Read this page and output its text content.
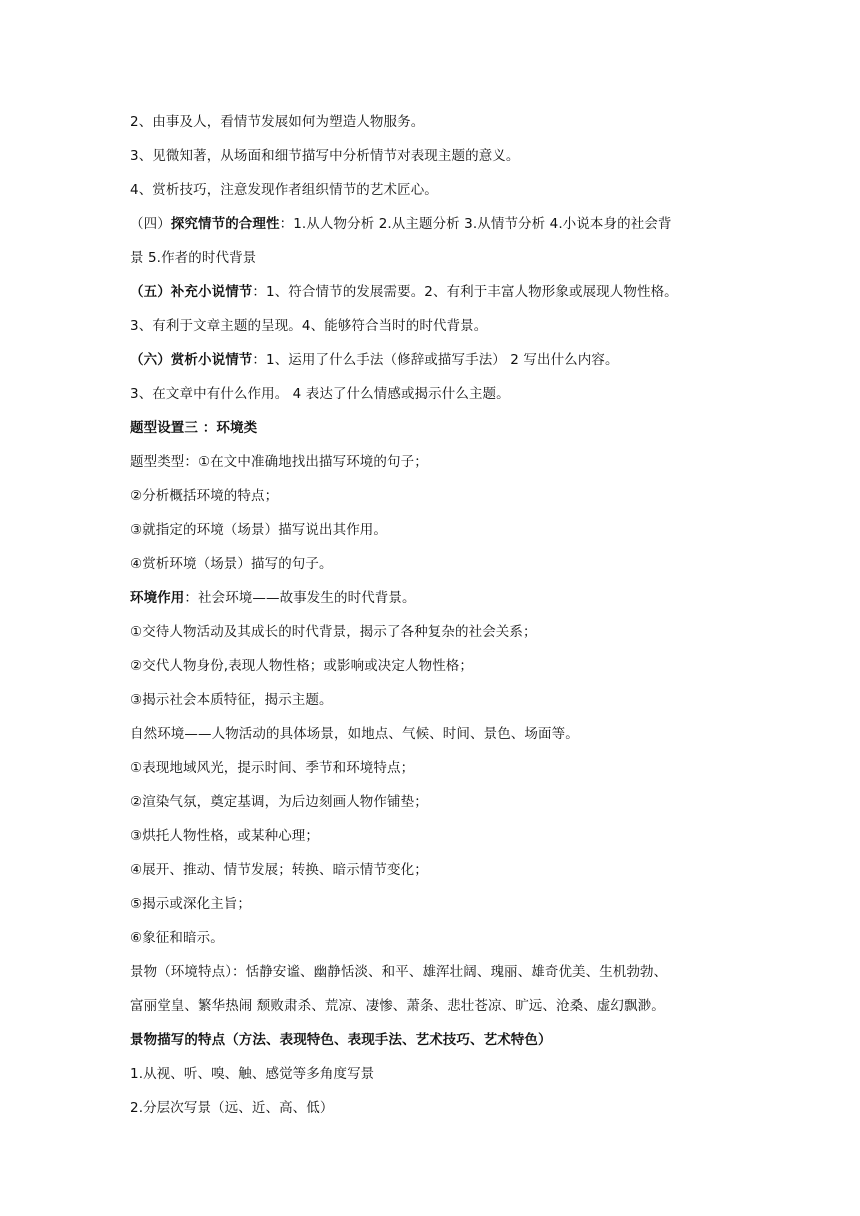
2、由事及人，看情节发展如何为塑造人物服务。
3、见微知著，从场面和细节描写中分析情节对表现主题的意义。
4、赏析技巧，注意发现作者组织情节的艺术匠心。
（四）探究情节的合理性：1.从人物分析 2.从主题分析 3.从情节分析 4.小说本身的社会背
景 5.作者的时代背景
（五）补充小说情节：1、符合情节的发展需要。2、有利于丰富人物形象或展现人物性格。
3、有利于文章主题的呈现。4、能够符合当时的时代背景。
（六）赏析小说情节：1、运用了什么手法（修辞或描写手法） 2 写出什么内容。
3、在文章中有什么作用。 4 表达了什么情感或揭示什么主题。
题型设置三 ：环境类
题型类型：①在文中准确地找出描写环境的句子；
②分析概括环境的特点；
③就指定的环境（场景）描写说出其作用。
④赏析环境（场景）描写的句子。
环境作用：社会环境——故事发生的时代背景。
①交待人物活动及其成长的时代背景，揭示了各种复杂的社会关系；
②交代人物身份,表现人物性格；或影响或决定人物性格；
③揭示社会本质特征，揭示主题。
自然环境——人物活动的具体场景，如地点、气候、时间、景色、场面等。
①表现地域风光，提示时间、季节和环境特点；
②渲染气氛，奠定基调，为后边刻画人物作铺垫；
③烘托人物性格，或某种心理；
④展开、推动、情节发展；转换、暗示情节变化；
⑤揭示或深化主旨；
⑥象征和暗示。
景物（环境特点）：恬静安谧、幽静恬淡、和平、雄浑壮阔、瑰丽、雄奇优美、生机勃勃、
富丽堂皇、繁华热闹 颓败肃杀、荒凉、凄惨、萧条、悲壮苍凉、旷远、沧桑、虚幻飘渺。
景物描写的特点（方法、表现特色、表现手法、艺术技巧、艺术特色）
1.从视、听、嗅、触、感觉等多角度写景
2.分层次写景（远、近、高、低）
